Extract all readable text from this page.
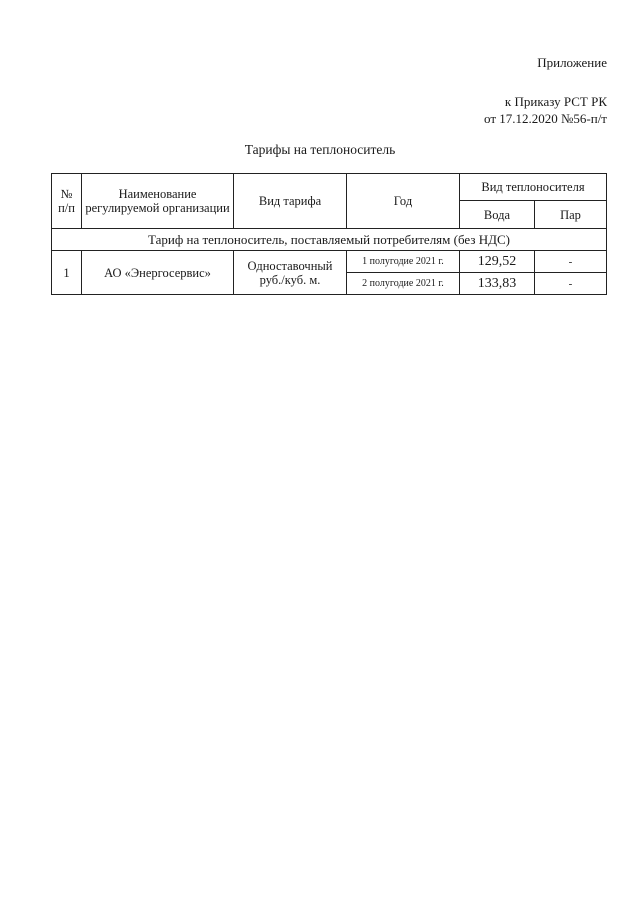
Приложение
к Приказу РСТ РК
от 17.12.2020 №56-п/т
Тарифы на теплоноситель
№ п/п	Наименование регулируемой организации	Вид тарифа	Год	Вид теплоносителя	
				Вода	Пар
Тариф на теплоноситель, поставляемый потребителям (без НДС)					
1	АО «Энергосервис»	Одноставочный руб./куб. м.	1 полугодие 2021 г.	129,52	-
			2 полугодие 2021 г.	133,83	-
